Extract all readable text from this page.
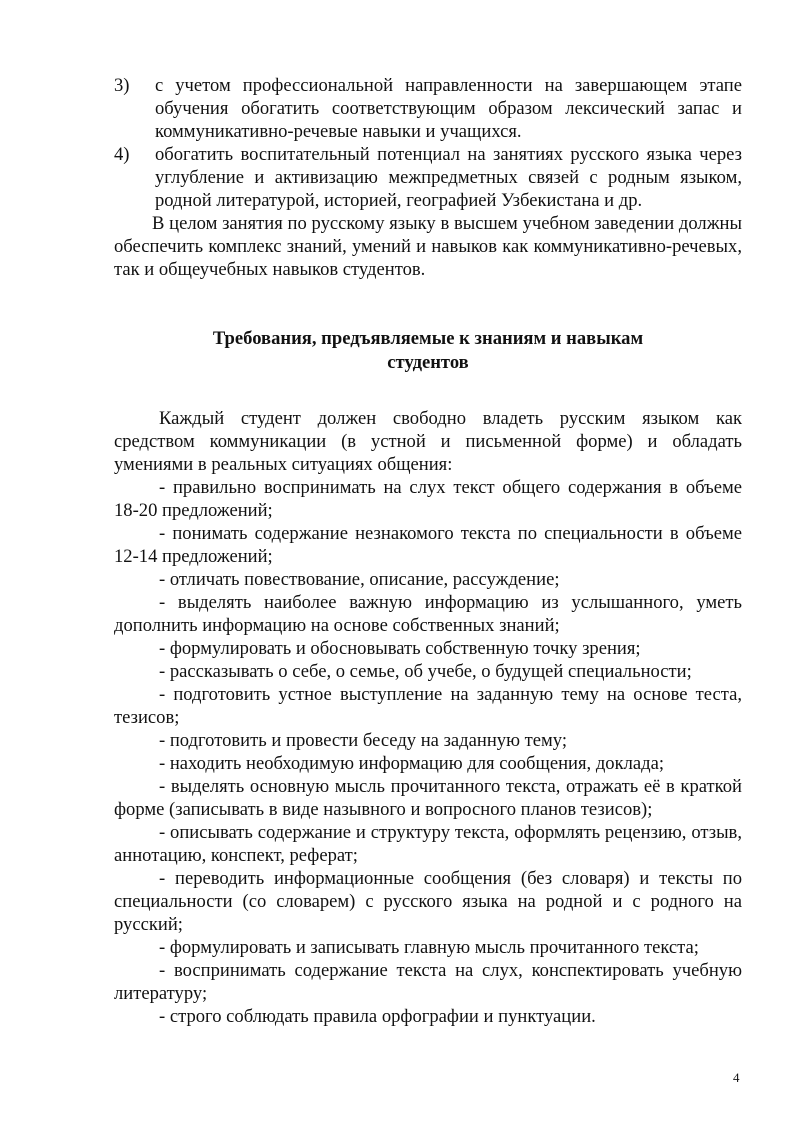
3) с учетом профессиональной направленности на завершающем этапе обучения обогатить соответствующим образом лексический запас и коммуникативно-речевые навыки и учащихся.
4) обогатить воспитательный потенциал на занятиях русского языка через углубление и активизацию межпредметных связей с родным языком, родной литературой, историей, географией Узбекистана и др.
В целом занятия по русскому языку в высшем учебном заведении должны обеспечить комплекс знаний, умений и навыков как коммуникативно-речевых, так и общеучебных навыков студентов.
Требования, предъявляемые к знаниям и навыкам
студентов
Каждый студент должен свободно владеть русским языком как средством коммуникации (в устной и письменной форме) и обладать умениями в реальных ситуациях общения:
- правильно воспринимать на слух текст общего содержания в объеме 18-20 предложений;
- понимать содержание незнакомого текста по специальности в объеме 12-14 предложений;
- отличать повествование, описание, рассуждение;
- выделять наиболее важную информацию из услышанного, уметь дополнить информацию на основе собственных знаний;
- формулировать и обосновывать собственную точку зрения;
- рассказывать о себе, о семье, об учебе, о будущей специальности;
- подготовить устное выступление на заданную тему на основе теста, тезисов;
- подготовить и провести беседу на заданную тему;
- находить необходимую информацию для сообщения, доклада;
- выделять основную мысль прочитанного текста, отражать её в краткой форме (записывать в виде назывного и вопросного планов тезисов);
- описывать содержание и структуру текста, оформлять рецензию, отзыв, аннотацию, конспект, реферат;
- переводить информационные сообщения (без словаря) и тексты по специальности (со словарем) с русского языка на родной и с родного на русский;
- формулировать и записывать главную мысль прочитанного текста;
- воспринимать содержание текста на слух, конспектировать учебную литературу;
- строго соблюдать правила орфографии и пунктуации.
4
